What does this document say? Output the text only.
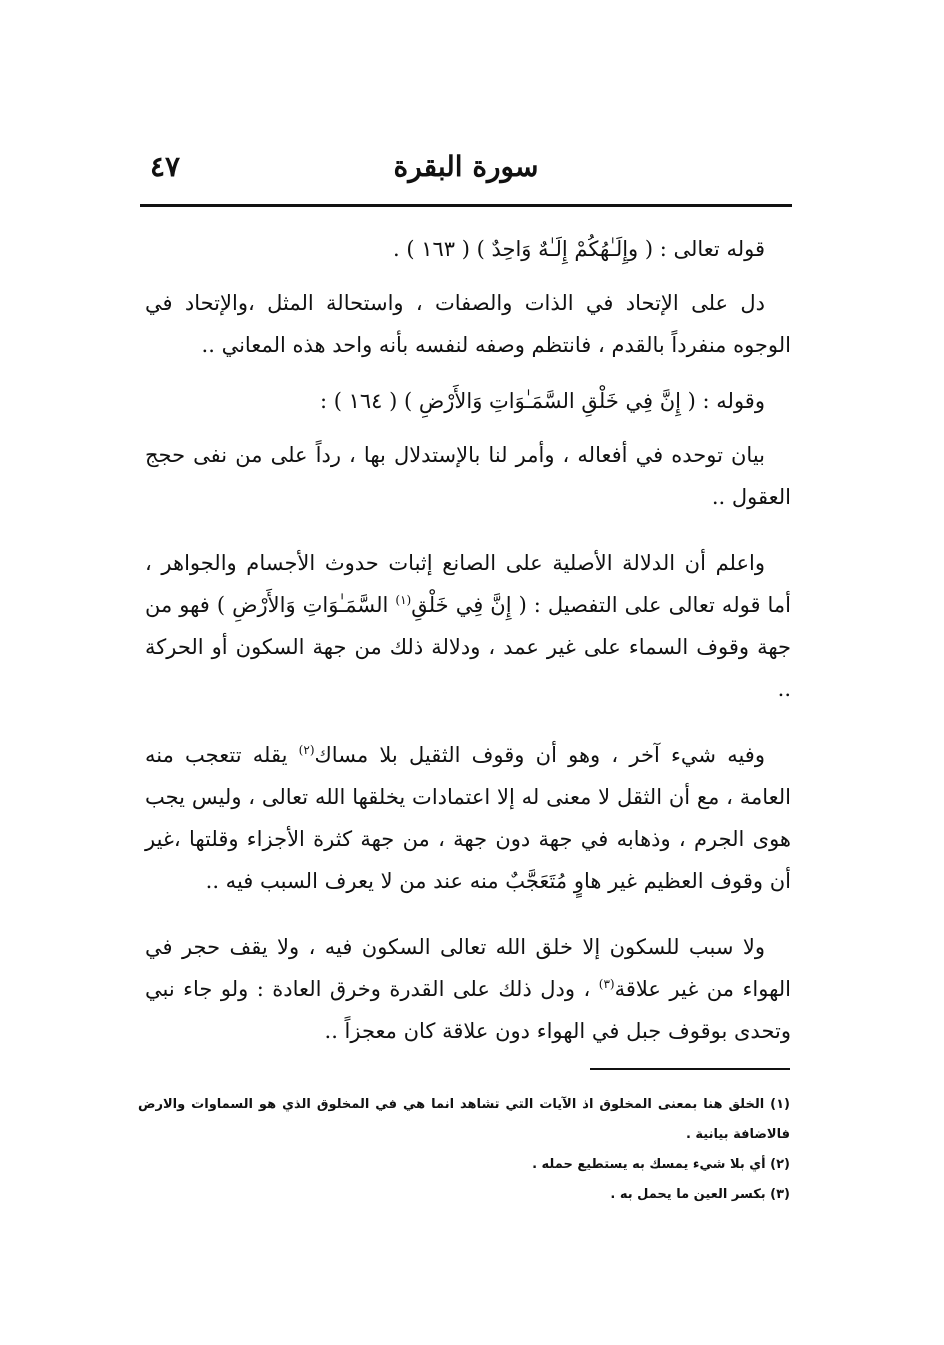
٤٧	سورة البقرة

قوله تعالى : ( وإِلَـٰهُكُمْ إِلَـٰهٌ وَاحِدٌ ) ( ١٦٣ ) .

دل على الإتحاد في الذات والصفات ، واستحالة المثل ،والإتحاد في الوجوه منفرداً بالقدم ، فانتظم وصفه لنفسه بأنه واحد هذه المعاني ..

وقوله : ( إِنَّ فِي خَلْقِ السَّمَـٰوَاتِ وَالأَرْضِ ) ( ١٦٤ ) :

بيان توحده في أفعاله ، وأمر لنا بالإستدلال بها ، رداً على من نفى حجج العقول ..

واعلم أن الدلالة الأصلية على الصانع إثبات حدوث الأجسام والجواهر ، أما قوله تعالى على التفصيل : ( إِنَّ فِي خَلْقِ$^{(١)}$ السَّمَـٰوَاتِ وَالأَرْضِ ) فهو من جهة وقوف السماء على غير عمد ، ودلالة ذلك من جهة السكون أو الحركة ..

وفيه شيء آخر ، وهو أن وقوف الثقيل بلا مساك$^{(٢)}$ يقله تتعجب منه العامة ، مع أن الثقل لا معنى له إلا اعتمادات يخلقها الله تعالى ، وليس يجب هوى الجرم ، وذهابه في جهة دون جهة ، من جهة كثرة الأجزاء وقلتها ،غير أن وقوف العظيم غير هاوٍ مُتَعَجَّبٌ منه عند من لا يعرف السبب فيه ..

ولا سبب للسكون إلا خلق الله تعالى السكون فيه ، ولا يقف حجر في الهواء من غير علاقة$^{(٣)}$ ، ودل ذلك على القدرة وخرق العادة : ولو جاء نبي وتحدى بوقوف جبل في الهواء دون علاقة كان معجزاً ..

(١) الخلق هنا بمعنى المخلوق اذ الآيات التي تشاهد انما هي في المخلوق الذي هو السماوات والارض فالاضافة بيانية .

(٢) أي بلا شيء يمسك به يستطيع حمله .

(٣) بكسر العين ما يحمل به .
